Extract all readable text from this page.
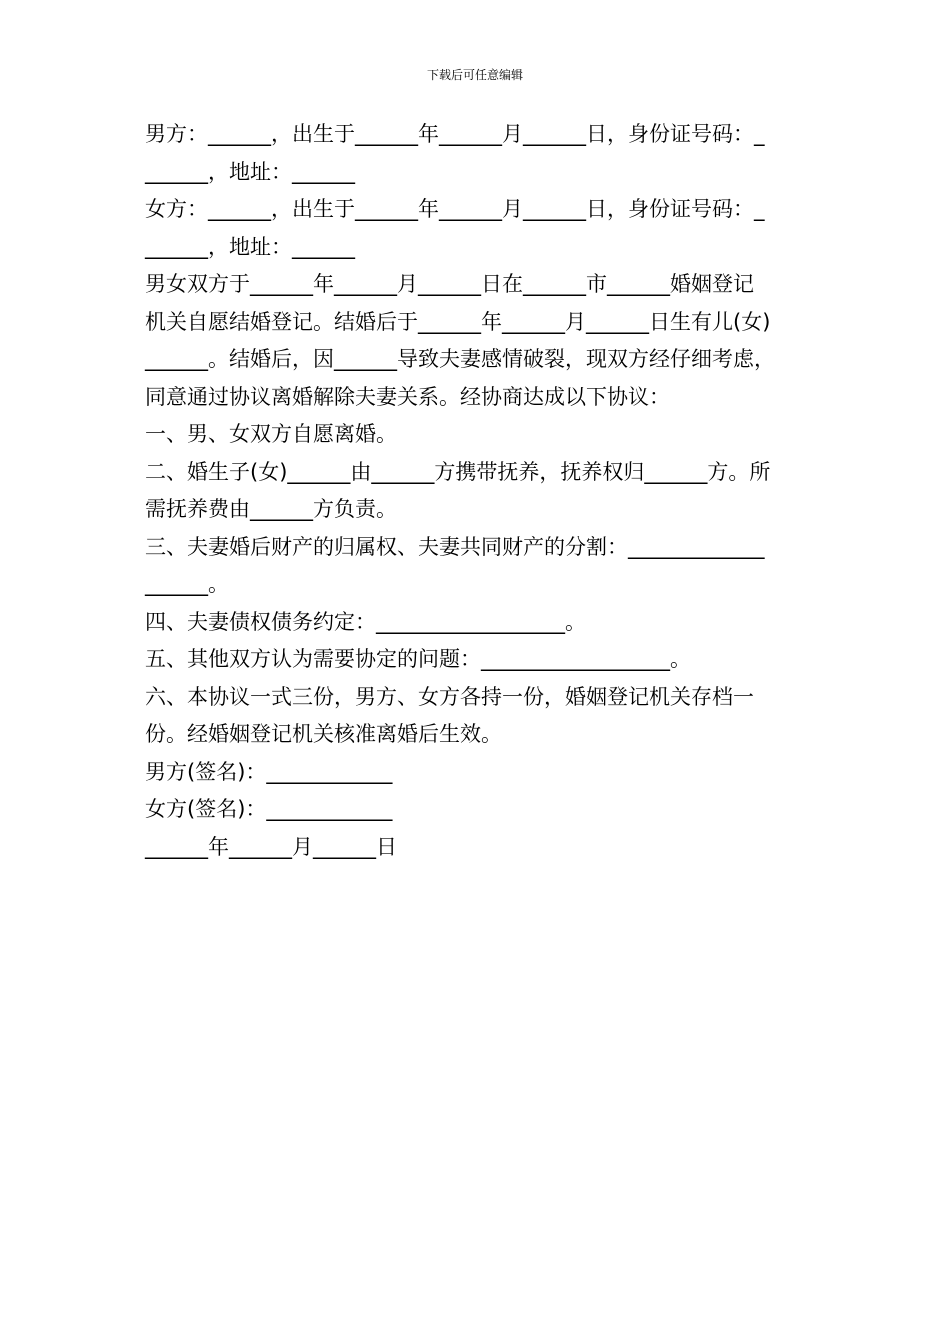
下载后可任意编辑
男方：______，出生于______年______月______日，身份证号码：_
______，地址：______
女方：______，出生于______年______月______日，身份证号码：_
______，地址：______
男女双方于______年______月______日在______市______婚姻登记
机关自愿结婚登记。结婚后于______年______月______日生有儿(女)
______。结婚后，因______导致夫妻感情破裂，现双方经仔细考虑，
同意通过协议离婚解除夫妻关系。经协商达成以下协议：
一、男、女双方自愿离婚。
二、婚生子(女)______由______方携带抚养，抚养权归______方。所
需抚养费由______方负责。
三、夫妻婚后财产的归属权、夫妻共同财产的分割：_____________
______。
四、夫妻债权债务约定：__________________。
五、其他双方认为需要协定的问题：__________________。
六、本协议一式三份，男方、女方各持一份，婚姻登记机关存档一
份。经婚姻登记机关核准离婚后生效。
男方(签名)：____________
女方(签名)：____________
______年______月______日
